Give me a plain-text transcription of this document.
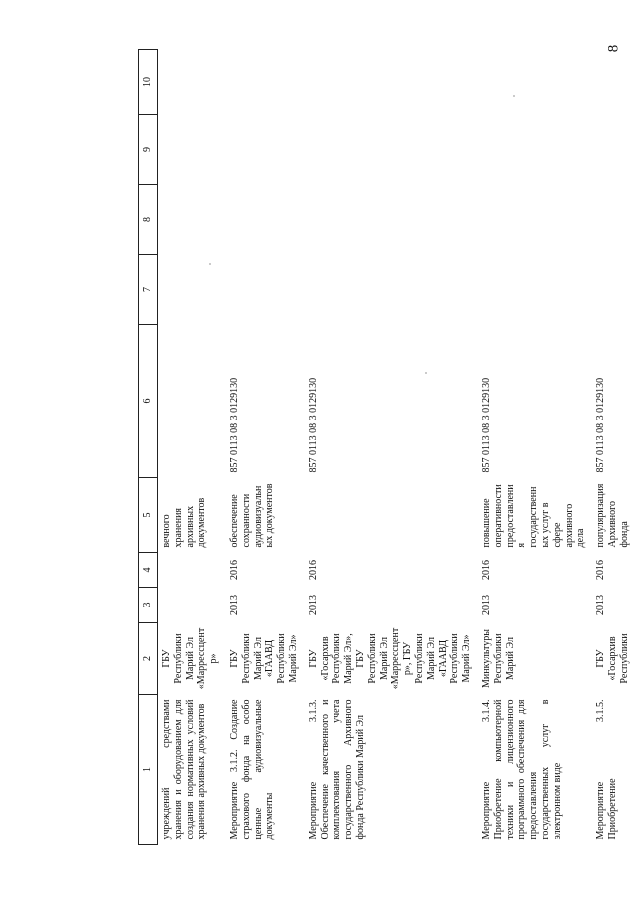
8
1	2	3	4	5	6	7	8	9	10
учреждений средствами хранения и оборудованием для создания нормативных условий хранения архивных документов	ГБУ Республики Марий Эл «Маррессцентр»			вечного хранения архивных документов					
Мероприятие 3.1.2. Создание страхового фонда на особо ценные аудиовизуальные документы	ГБУ Республики Марий Эл «ГААВД Республики Марий Эл»	2013	2016	обеспечение сохранности аудиовизуальных документов	857 0113 08 3 0129130				
Мероприятие 3.1.3. Обеспечение качественного и комплектования учета государственного Архивного фонда Республики Марий Эл	ГБУ «Госархив Республики Марий Эл», ГБУ Республики Марий Эл «Маррессцентр», ГБУ Республики Марий Эл «ГААВД Республики Марий Эл»	2013	2016		857 0113 08 3 0129130				
Мероприятие 3.1.4. Приобретение компьютерной техники и лицензионного программного обеспечения для предоставления государственных услуг в электронном виде	Минкультуры Республики Марий Эл	2013	2016	повышение оперативности предоставления государственных услуг в сфере архивного дела	857 0113 08 3 0129130				
Мероприятие 3.1.5. Приобретение	ГБУ «Госархив Республики	2013	2016	популяризация Архивного фонда	857 0113 08 3 0129130				
